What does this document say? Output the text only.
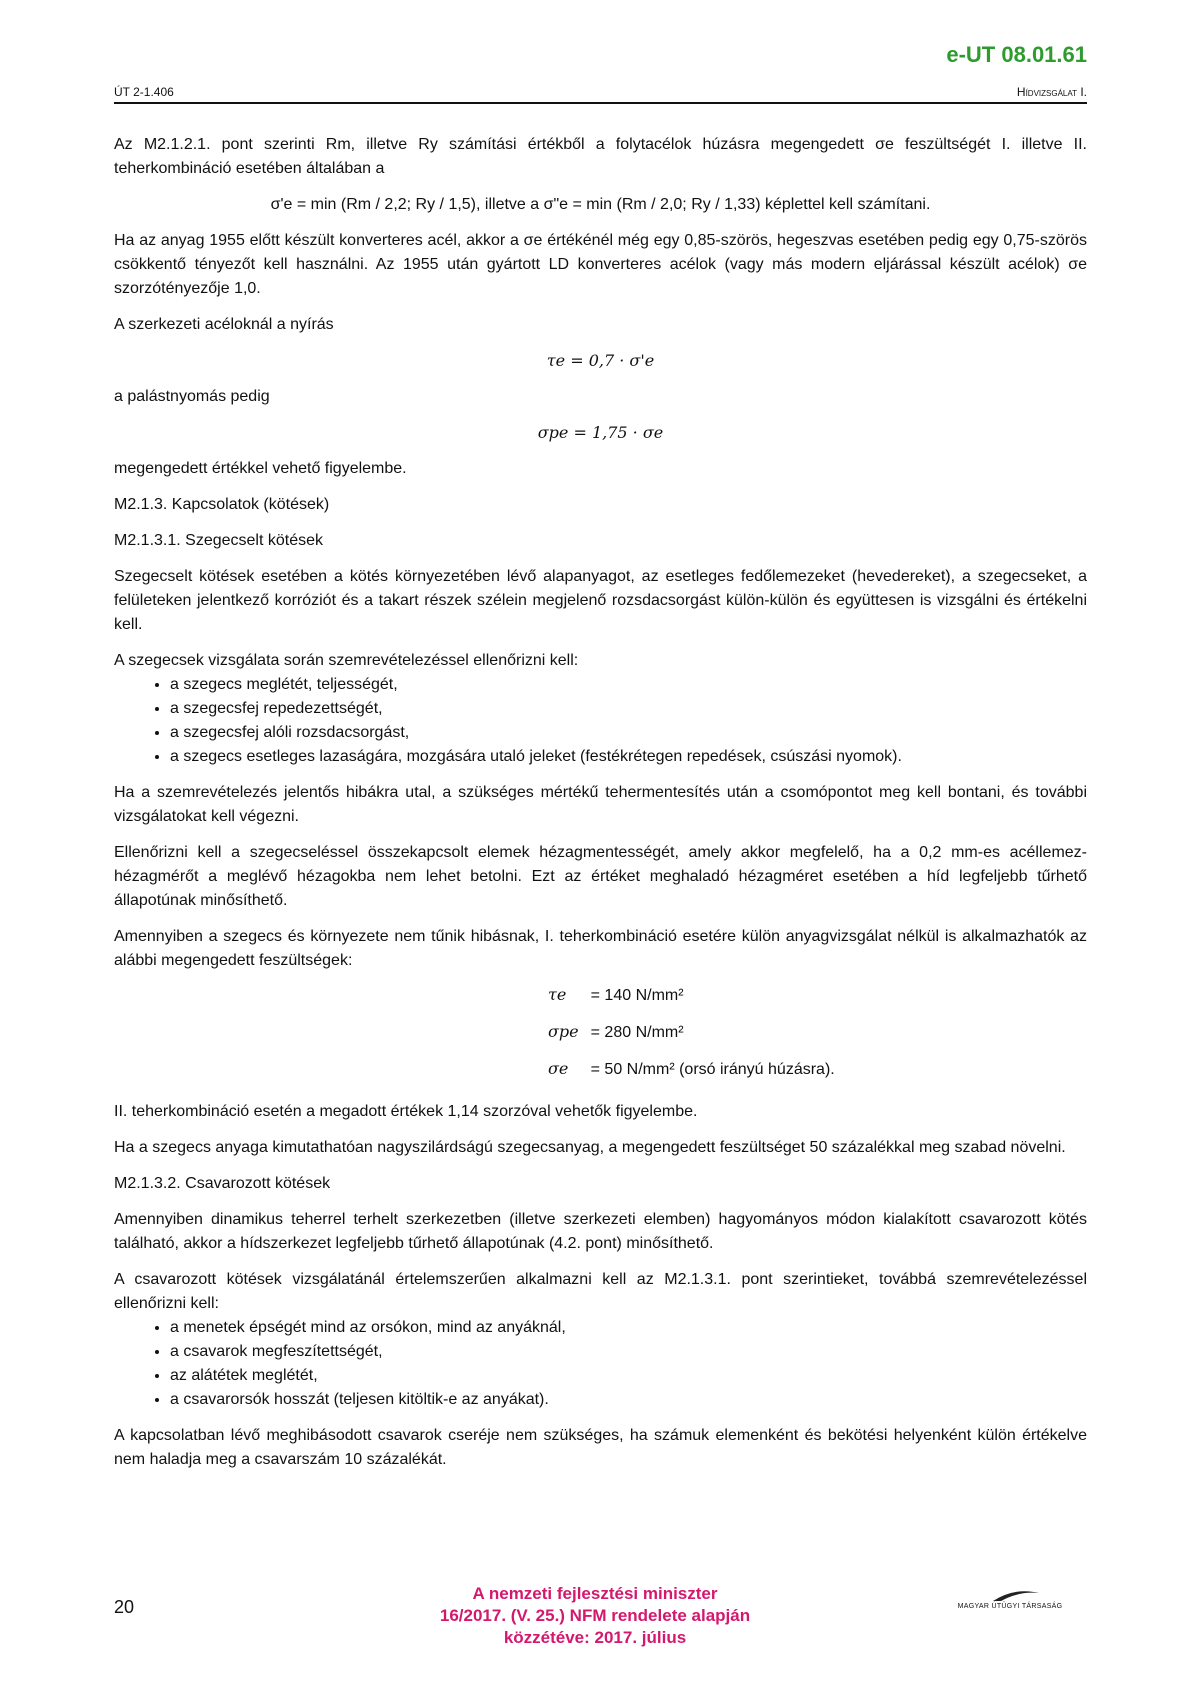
e-UT 08.01.61
ÚT 2-1.406	Hídvizsgálat I.

Az M2.1.2.1. pont szerinti Rm, illetve Ry számítási értékből a folytacélok húzásra megengedett σe feszültségét I. illetve II. teherkombináció esetében általában a

σ'e = min (Rm / 2,2; Ry / 1,5), illetve a σ"e = min (Rm / 2,0; Ry / 1,33) képlettel kell számítani.

Ha az anyag 1955 előtt készült konverteres acél, akkor a σe értékénél még egy 0,85-szörös, hegeszvas esetében pedig egy 0,75-szörös csökkentő tényezőt kell használni. Az 1955 után gyártott LD konverteres acélok (vagy más modern eljárással készült acélok) σe szorzótényezője 1,0.

A szerkezeti acéloknál a nyírás

τe = 0,7 · σ'e

a palástnyomás pedig

σpe = 1,75 · σe

megengedett értékkel vehető figyelembe.

M2.1.3. Kapcsolatok (kötések)

M2.1.3.1. Szegecselt kötések

Szegecselt kötések esetében a kötés környezetében lévő alapanyagot, az esetleges fedőlemezeket (hevedereket), a szegecseket, a felületeken jelentkező korróziót és a takart részek szélein megjelenő rozsdacsorgást külön-külön és együttesen is vizsgálni és értékelni kell.

A szegecsek vizsgálata során szemrevételezéssel ellenőrizni kell:

• a szegecs meglétét, teljességét,
• a szegecsfej repedezettségét,
• a szegecsfej alóli rozsdacsorgást,
• a szegecs esetleges lazaságára, mozgására utaló jeleket (festékrétegen repedések, csúszási nyomok).

Ha a szemrevételezés jelentős hibákra utal, a szükséges mértékű tehermentesítés után a csomópontot meg kell bontani, és további vizsgálatokat kell végezni.

Ellenőrizni kell a szegecseléssel összekapcsolt elemek hézagmentességét, amely akkor megfelelő, ha a 0,2 mm-es acéllemez-hézagmérőt a meglévő hézagokba nem lehet betolni. Ezt az értéket meghaladó hézagméret esetében a híd legfeljebb tűrhető állapotúnak minősíthető.

Amennyiben a szegecs és környezete nem tűnik hibásnak, I. teherkombináció esetére külön anyagvizsgálat nélkül is alkalmazhatók az alábbi megengedett feszültségek:

τe	= 140 N/mm²
σpe	= 280 N/mm²
σe	= 50 N/mm² (orsó irányú húzásra).

II. teherkombináció esetén a megadott értékek 1,14 szorzóval vehetők figyelembe.

Ha a szegecs anyaga kimutathatóan nagyszilárdságú szegecsanyag, a megengedett feszültséget 50 százalékkal meg szabad növelni.

M2.1.3.2. Csavarozott kötések

Amennyiben dinamikus teherrel terhelt szerkezetben (illetve szerkezeti elemben) hagyományos módon kialakított csavarozott kötés található, akkor a hídszerkezet legfeljebb tűrhető állapotúnak (4.2. pont) minősíthető.

A csavarozott kötések vizsgálatánál értelemszerűen alkalmazni kell az M2.1.3.1. pont szerintieket, továbbá szemrevételezéssel ellenőrizni kell:

• a menetek épségét mind az orsókon, mind az anyáknál,
• a csavarok megfeszítettségét,
• az alátétek meglétét,
• a csavarorsók hosszát (teljesen kitöltik-e az anyákat).

A kapcsolatban lévő meghibásodott csavarok cseréje nem szükséges, ha számuk elemenként és bekötési helyenként külön értékelve nem haladja meg a csavarszám 10 százalékát.

20
A nemzeti fejlesztési miniszter
16/2017. (V. 25.) NFM rendelete alapján
közzétéve: 2017. július
MAGYAR ÚTÜGYI TÁRSASÁG
